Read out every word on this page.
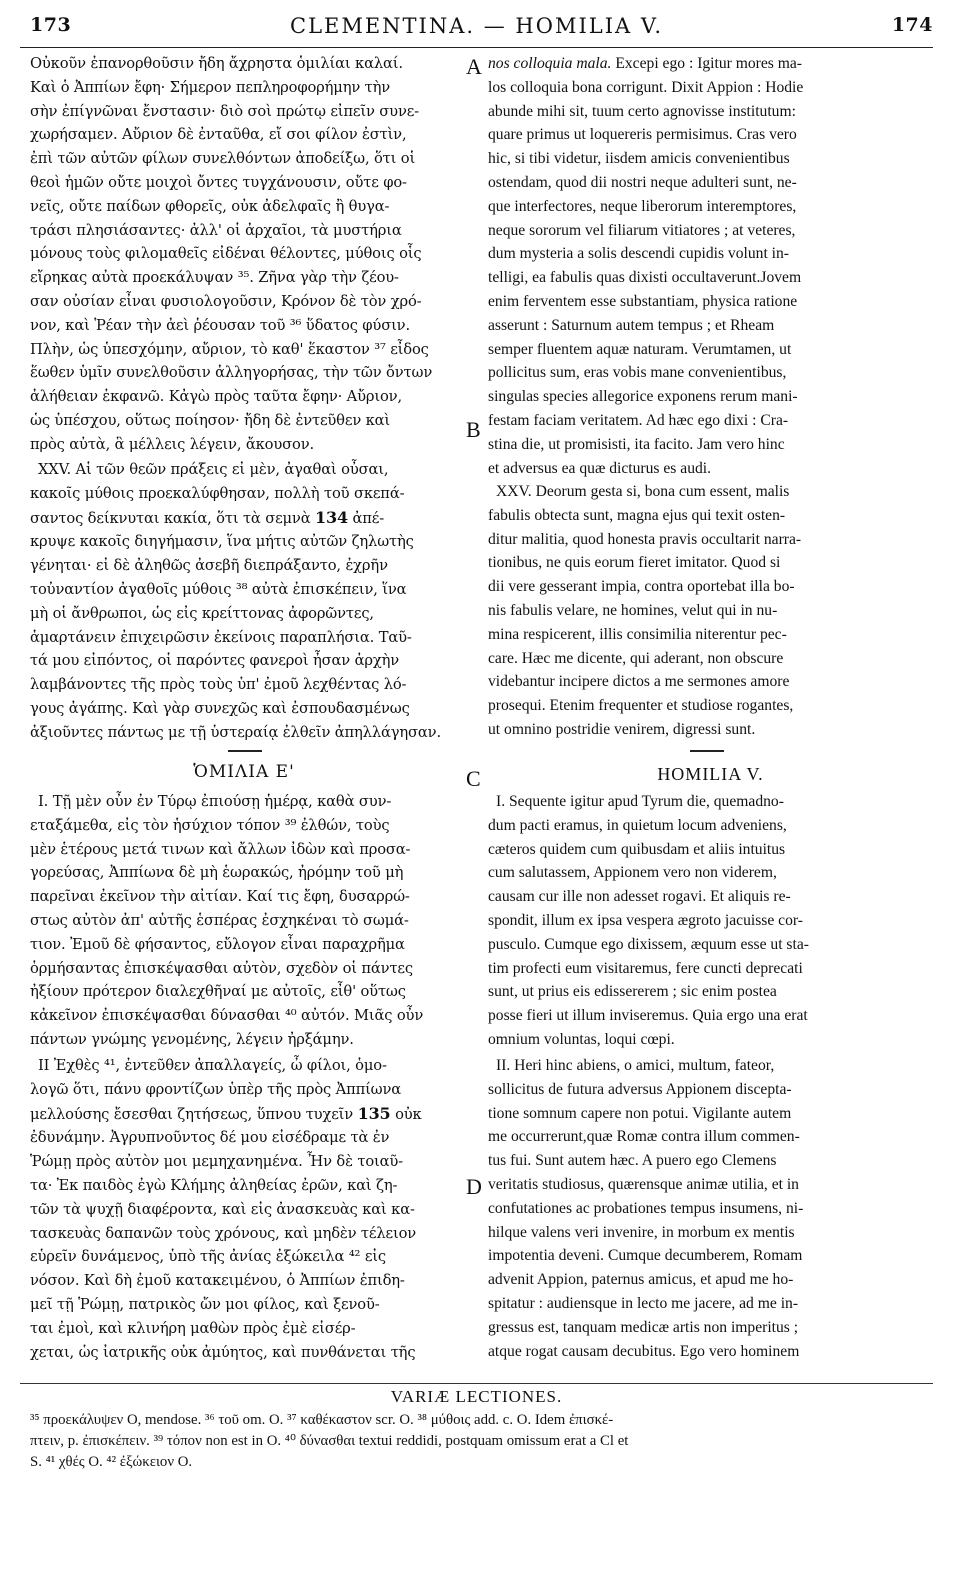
173	CLEMENTINA. — HOMILIA V.	174
Οὐκοῦν ἐπανορθοῦσιν ἤδη ἄχρηστα ὁμιλίαι καλαί.
Καὶ ὁ Ἀππίων ἔφη· Σήμερον πεπληροφορήμην τὴν
σὴν ἐπίγνῶναι ἔνστασιν· διὸ σοὶ πρώτῳ εἰπεῖν συνε-
χωρήσαμεν. Αὔριον δὲ ἐνταῦθα, εἴ σοι φίλον ἐστὶν,
ἐπὶ τῶν αὐτῶν φίλων συνελθόντων ἀποδείξω, ὅτι οἱ
θεοὶ ἡμῶν οὔτε μοιχοὶ ὄντες τυγχάνουσιν, οὔτε φο-
νεῖς, οὔτε παίδων φθορεῖς, οὐκ ἀδελφαῖς ἢ θυγα-
τράσι πλησιάσαντες· ἀλλ' οἱ ἀρχαῖοι, τὰ μυστήρια
μόνους τοὺς φιλομαθεῖς εἰδέναι θέλοντες, μύθοις οἷς
εἴρηκας αὐτὰ προεκάλυψαν ³⁵. Ζῆνα γὰρ τὴν ζέου-
σαν οὐσίαν εἶναι φυσιολογοῦσιν, Κρόνον δὲ τὸν χρό-
νον, καὶ Ῥέαν τὴν ἀεὶ ῥέουσαν τοῦ ³⁶ ὕδατος φύσιν.
Πλὴν, ὡς ὑπεσχόμην, αὔριον, τὸ καθ' ἕκαστον ³⁷ εἶδος
ἕωθεν ὑμῖν συνελθοῦσιν ἀλληγορήσας, τὴν τῶν ὄντων
ἀλήθειαν ἐκφανῶ. Κἀγὼ πρὸς ταῦτα ἔφην· Αὔριον,
ὡς ὑπέσχου, οὕτως ποίησον· ἤδη δὲ ἐντεῦθεν καὶ
πρὸς αὐτὰ, ἃ μέλλεις λέγειν, ἄκουσον.
XXV. Αἱ τῶν θεῶν πράξεις εἰ μὲν, ἀγαθαὶ οὖσαι,
κακοῖς μύθοις προεκαλύφθησαν, πολλὴ τοῦ σκεπά-
σαντος δείκνυται κακία, ὅτι τὰ σεμνὰ 134 ἀπέ-
κρυψε κακοῖς διηγήμασιν, ἵνα μήτις αὐτῶν ζηλωτὴς
γένηται· εἰ δὲ ἀληθῶς ἀσεβῆ διεπράξαντο, ἐχρῆν
τοὐναντίον ἀγαθοῖς μύθοις ³⁸ αὐτὰ ἐπισκέπειν, ἵνα
μὴ οἱ ἄνθρωποι, ὡς εἰς κρείττονας ἀφορῶντες,
ἁμαρτάνειν ἐπιχειρῶσιν ἐκείνοις παραπλήσια. Ταῦ-
τά μου εἰπόντος, οἱ παρόντες φανεροὶ ἦσαν ἀρχὴν
λαμβάνοντες τῆς πρὸς τοὺς ὑπ' ἐμοῦ λεχθέντας λό-
γους ἀγάπης. Καὶ γὰρ συνεχῶς καὶ ἐσπουδασμένως
ἀξιοῦντες πάντως με τῇ ὑστεραίᾳ ἐλθεῖν ἀπηλλάγησαν.
ὉΜΙΛΙΑ Ε'	HOMILIA V.
I. Τῇ μὲν οὖν ἐν Τύρῳ ἐπιούσῃ ἡμέρᾳ, καθὰ συν-
εταξάμεθα, εἰς τὸν ἡσύχιον τόπον ³⁹ ἐλθών, τοὺς
μὲν ἑτέρους μετά τινων καὶ ἄλλων ἰδὼν καὶ προσα-
γορεύσας, Ἀππίωνα δὲ μὴ ἑωρακώς, ἠρόμην τοῦ μὴ
παρεῖναι ἐκεῖνον τὴν αἰτίαν. Καί τις ἔφη, δυσαρρώ-
στως αὐτὸν ἀπ' αὐτῆς ἑσπέρας ἐσχηκέναι τὸ σωμά-
τιον. Ἐμοῦ δὲ φήσαντος, εὔλογον εἶναι παραχρῆμα
ὁρμήσαντας ἐπισκέψασθαι αὐτὸν, σχεδὸν οἱ πάντες
ἠξίουν πρότερον διαλεχθῆναί με αὐτοῖς, εἶθ' οὕτως
κἀκεῖνον ἐπισκέψασθαι δύνασθαι ⁴⁰ αὐτόν. Μιᾶς οὖν
πάντων γνώμης γενομένης, λέγειν ἠρξάμην.
II Ἐχθὲς ⁴¹, ἐντεῦθεν ἀπαλλαγείς, ὦ φίλοι, ὁμο-
λογῶ ὅτι, πάνυ φροντίζων ὑπὲρ τῆς πρὸς Ἀππίωνα
μελλούσης ἔσεσθαι ζητήσεως, ὕπνου τυχεῖν 135 οὐκ
ἐδυνάμην. Ἀγρυπνοῦντος δέ μου εἰσέδραμε τὰ ἐν
Ῥώμῃ πρὸς αὐτὸν μοι μεμηχανημένα. Ἦν δὲ τοιαῦ-
τα· Ἐκ παιδὸς ἐγὼ Κλήμης ἀληθείας ἐρῶν, καὶ ζη-
τῶν τὰ ψυχῇ διαφέροντα, καὶ εἰς ἀνασκευὰς καὶ κα-
τασκευὰς δαπανῶν τοὺς χρόνους, καὶ μηδὲν τέλειον
εὑρεῖν δυνάμενος, ὑπὸ τῆς ἀνίας ἐξώκειλα ⁴² εἰς
νόσον. Καὶ δὴ ἐμοῦ κατακειμένου, ὁ Ἀππίων ἐπιδη-
μεῖ τῇ Ῥώμῃ, πατρικὸς ὤν μοι φίλος, καὶ ξενοῦ-
ται ἐμοὶ, καὶ κλινήρη μαθὼν πρὸς ἐμὲ εἰσέρ-
χεται, ὡς ἰατρικῆς οὐκ ἀμύητος, καὶ πυνθάνεται τῆς
nos colloquia mala. Excepi ego : Igitur mores ma-
los colloquia bona corrigunt. Dixit Appion : Hodie
abunde mihi sit, tuum certo agnovisse institutum:
quare primus ut loquereris permisimus. Cras vero
hic, si tibi videtur, iisdem amicis convenientibus
ostendam, quod dii nostri neque adulteri sunt, ne-
que interfectores, neque liberorum interemptores,
neque sororum vel filiarum vitiatores ; at veteres,
dum mysteria a solis descendi cupidis volunt in-
telligi, ea fabulis quas dixisti occultaverunt.Jovem
enim ferventem esse substantiam, physica ratione
asserunt : Saturnum autem tempus ; et Rheam
semper fluentem aquæ naturam. Verumtamen, ut
pollicitus sum, eras vobis mane convenientibus,
singulas species allegorice exponens rerum mani-
festam faciam veritatem. Ad hæc ego dixi : Cra-
stina die, ut promisisti, ita facito. Jam vero hinc
et adversus ea quæ dicturus es audi.
XXV. Deorum gesta si, bona cum essent, malis
fabulis obtecta sunt, magna ejus qui texit osten-
ditur malitia, quod honesta pravis occultarit narra-
tionibus, ne quis eorum fieret imitator. Quod si
dii vere gesserant impia, contra oportebat illa bo-
nis fabulis velare, ne homines, velut qui in nu-
mina respicerent, illis consimilia niterentur pec-
care. Hæc me dicente, qui aderant, non obscure
videbantur incipere dictos a me sermones amore
prosequi. Etenim frequenter et studiose rogantes,
ut omnino postridie venirem, digressi sunt.
I. Sequente igitur apud Tyrum die, quemadno-
dum pacti eramus, in quietum locum adveniens,
cæteros quidem cum quibusdam et aliis intuitus
cum salutassem, Appionem vero non viderem,
causam cur ille non adesset rogavi. Et aliquis re-
spondit, illum ex ipsa vespera ægroto jacuisse cor-
pusculo. Cumque ego dixissem, æquum esse ut sta-
tim profecti eum visitaremus, fere cuncti deprecati
sunt, ut prius eis edissererem ; sic enim postea
posse fieri ut illum inviseremus. Quia ergo una erat
omnium voluntas, loqui cœpi.
II. Heri hinc abiens, o amici, multum, fateor,
sollicitus de futura adversus Appionem discepta-
tione somnum capere non potui. Vigilante autem
me occurrerunt,quæ Romæ contra illum commen-
tus fui. Sunt autem hæc. A puero ego Clemens
veritatis studiosus, quærensque animæ utilia, et in
confutationes ac probationes tempus insumens, ni-
hilque valens veri invenire, in morbum ex mentis
impotentia deveni. Cumque decumberem, Romam
advenit Appion, paternus amicus, et apud me ho-
spitatur : audiensque in lecto me jacere, ad me in-
gressus est, tanquam medicæ artis non imperitus ;
atque rogat causam decubitus. Ego vero hominem
A
B
C
D
VARIÆ LECTIONES.
³⁵ προεκάλυψεν O, mendose. ³⁶ τοῦ om. O. ³⁷ καθέκαστον scr. O. ³⁸ μύθοις add. c. O. Idem ἐπισκέ-
πτειν, p. ἐπισκέπειν. ³⁹ τόπον non est in O. ⁴⁰ δύνασθαι textui reddidi, postquam omissum erat a Cl et
S. ⁴¹ χθές O. ⁴² ἐξώκειον O.
